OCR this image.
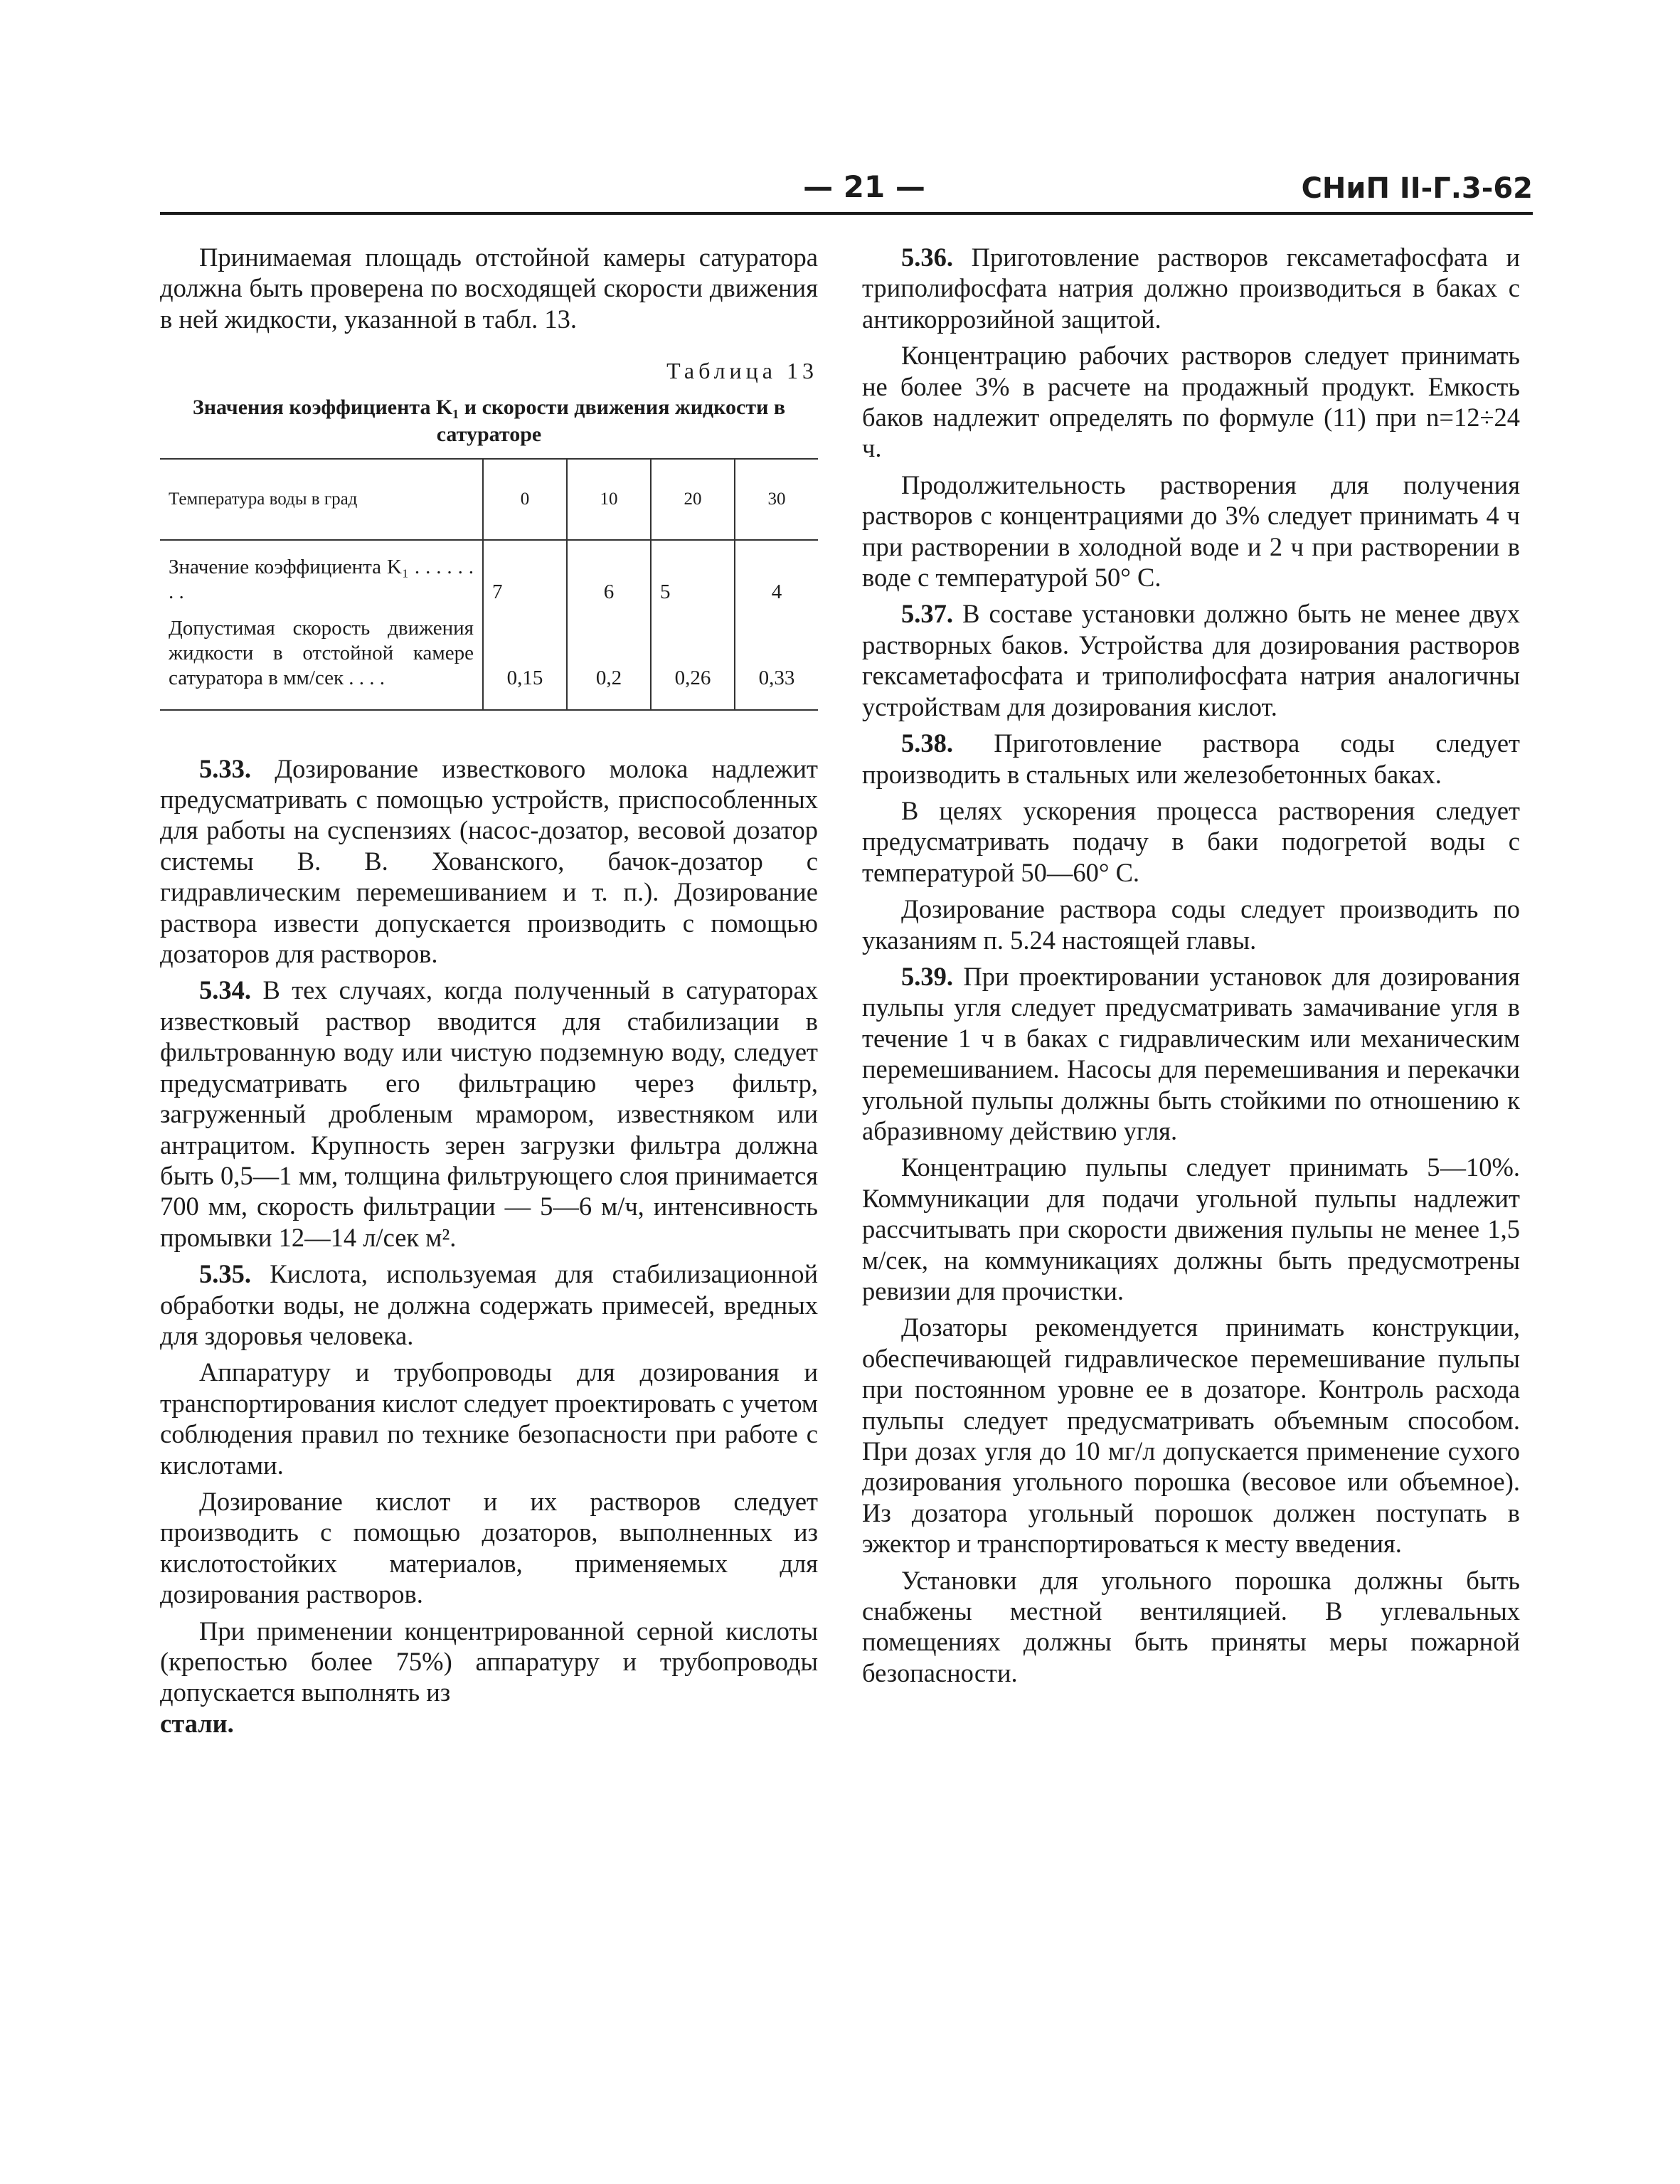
— 21 —	СНиП II-Г.3-62

Принимаемая площадь отстойной камеры сатуратора должна быть проверена по восходящей скорости движения в ней жидкости, указанной в табл. 13.

Таблица 13
Значения коэффициента K₁ и скорости движения жидкости в сатураторе
Температура воды в град	0	10	20	30
Значение коэффициента K₁ . . . . . . . .	7	6	5	4
Допустимая скорость движения жидкости в отстойной камере сатуратора в мм/сек . . . .	0,15	0,2	0,26	0,33

5.33. Дозирование известкового молока надлежит предусматривать с помощью устройств, приспособленных для работы на суспензиях (насос-дозатор, весовой дозатор системы В. В. Хованского, бачок-дозатор с гидравлическим перемешиванием и т. п.). Дозирование раствора извести допускается производить с помощью дозаторов для растворов.

5.34. В тех случаях, когда полученный в сатураторах известковый раствор вводится для стабилизации в фильтрованную воду или чистую подземную воду, следует предусматривать его фильтрацию через фильтр, загруженный дробленым мрамором, известняком или антрацитом. Крупность зерен загрузки фильтра должна быть 0,5—1 мм, толщина фильтрующего слоя принимается 700 мм, скорость фильтрации — 5—6 м/ч, интенсивность промывки 12—14 л/сек м².

5.35. Кислота, используемая для стабилизационной обработки воды, не должна содержать примесей, вредных для здоровья человека.

Аппаратуру и трубопроводы для дозирования и транспортирования кислот следует проектировать с учетом соблюдения правил по технике безопасности при работе с кислотами.

Дозирование кислот и их растворов следует производить с помощью дозаторов, выполненных из кислотостойких материалов, применяемых для дозирования растворов.

При применении концентрированной серной кислоты (крепостью более 75%) аппаратуру и трубопроводы допускается выполнять из

стали.

5.36. Приготовление растворов гексаметафосфата и триполифосфата натрия должно производиться в баках с антикоррозийной защитой.

Концентрацию рабочих растворов следует принимать не более 3% в расчете на продажный продукт. Емкость баков надлежит определять по формуле (11) при n=12÷24 ч.

Продолжительность растворения для получения растворов с концентрациями до 3% следует принимать 4 ч при растворении в холодной воде и 2 ч при растворении в воде с температурой 50° С.

5.37. В составе установки должно быть не менее двух растворных баков. Устройства для дозирования растворов гексаметафосфата и триполифосфата натрия аналогичны устройствам для дозирования кислот.

5.38. Приготовление раствора соды следует производить в стальных или железобетонных баках.

В целях ускорения процесса растворения следует предусматривать подачу в баки подогретой воды с температурой 50—60° С.

Дозирование раствора соды следует производить по указаниям п. 5.24 настоящей главы.

5.39. При проектировании установок для дозирования пульпы угля следует предусматривать замачивание угля в течение 1 ч в баках с гидравлическим или механическим перемешиванием. Насосы для перемешивания и перекачки угольной пульпы должны быть стойкими по отношению к абразивному действию угля.

Концентрацию пульпы следует принимать 5—10%. Коммуникации для подачи угольной пульпы надлежит рассчитывать при скорости движения пульпы не менее 1,5 м/сек, на коммуникациях должны быть предусмотрены ревизии для прочистки.

Дозаторы рекомендуется принимать конструкции, обеспечивающей гидравлическое перемешивание пульпы при постоянном уровне ее в дозаторе. Контроль расхода пульпы следует предусматривать объемным способом. При дозах угля до 10 мг/л допускается применение сухого дозирования угольного порошка (весовое или объемное). Из дозатора угольный порошок должен поступать в эжектор и транспортироваться к месту введения.

Установки для угольного порошка должны быть снабжены местной вентиляцией. В углевальных помещениях должны быть приняты меры пожарной безопасности.
